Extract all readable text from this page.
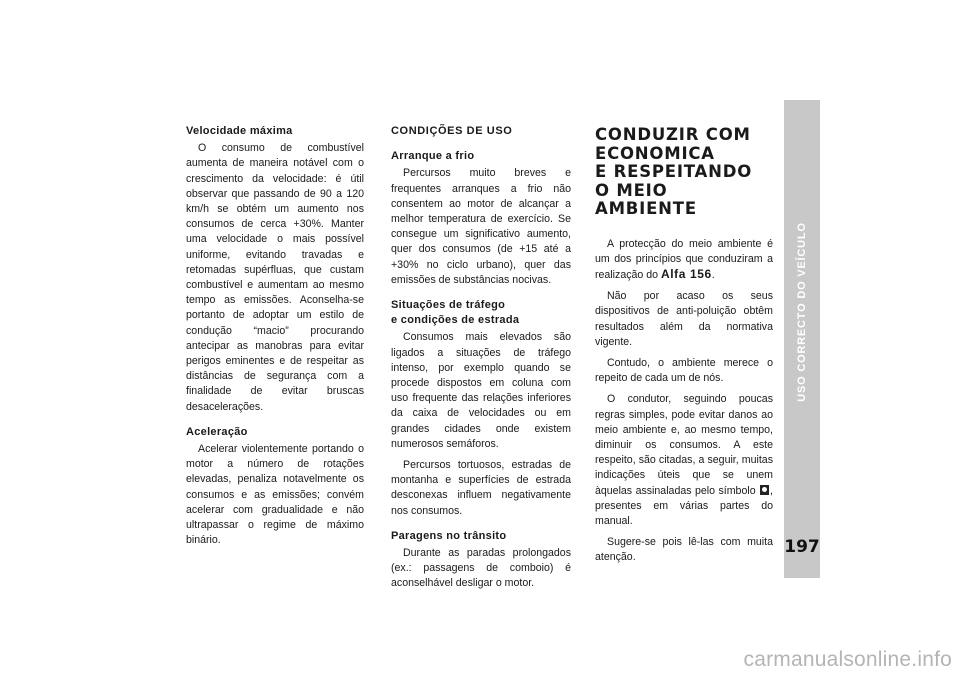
Velocidade máxima

O consumo de combustível aumenta de maneira notável com o crescimento da velocidade: é útil observar que passando de 90 a 120 km/h se obtém um aumento nos consumos de cerca +30%. Manter uma velocidade o mais possível uniforme, evitando travadas e retomadas supérfluas, que custam combustível e aumentam ao mesmo tempo as emissões. Aconselha-se portanto de adoptar um estilo de condução “macio” procurando antecipar as manobras para evitar perigos eminentes e de respeitar as distâncias de segurança com a finalidade de evitar bruscas desacelerações.

Aceleração

Acelerar violentemente portando o motor a número de rotações elevadas, penaliza notavelmente os consumos e as emissões; convém acelerar com gradualidade e não ultrapassar o regime de máximo binário.

CONDIÇÕES DE USO
Arranque a frio

Percursos muito breves e frequentes arranques a frio não consentem ao motor de alcançar a melhor temperatura de exercício. Se consegue um significativo aumento, quer dos consumos (de +15 até a +30% no ciclo urbano), quer das emissões de substâncias nocivas.

Situações de tráfego
e condições de estrada

Consumos mais elevados são ligados a situações de tráfego intenso, por exemplo quando se procede dispostos em coluna com uso frequente das relações inferiores da caixa de velocidades ou em grandes cidades onde existem numerosos semáforos.

Percursos tortuosos, estradas de montanha e superfícies de estrada desconexas influem negativamente nos consumos.

Paragens no trânsito

Durante as paradas prolongados (ex.: passagens de comboio) é aconselhável desligar o motor.

CONDUZIR COM
ECONOMICA
E RESPEITANDO
O MEIO AMBIENTE

A protecção do meio ambiente é um dos princípios que conduziram a realização do Alfa 156.

Não por acaso os seus dispositivos de anti-poluição obtêm resultados além da normativa vigente.

Contudo, o ambiente merece o repeito de cada um de nós.

O condutor, seguindo poucas regras simples, pode evitar danos ao meio ambiente e, ao mesmo tempo, diminuir os consumos. A este respeito, são citadas, a seguir, muitas indicações úteis que se unem àquelas assinaladas pelo símbolo , presentes em várias partes do manual.

Sugere-se pois lê-las com muita atenção.

USO CORRECTO DO VEÍCULO
197
carmanualsonline.info
